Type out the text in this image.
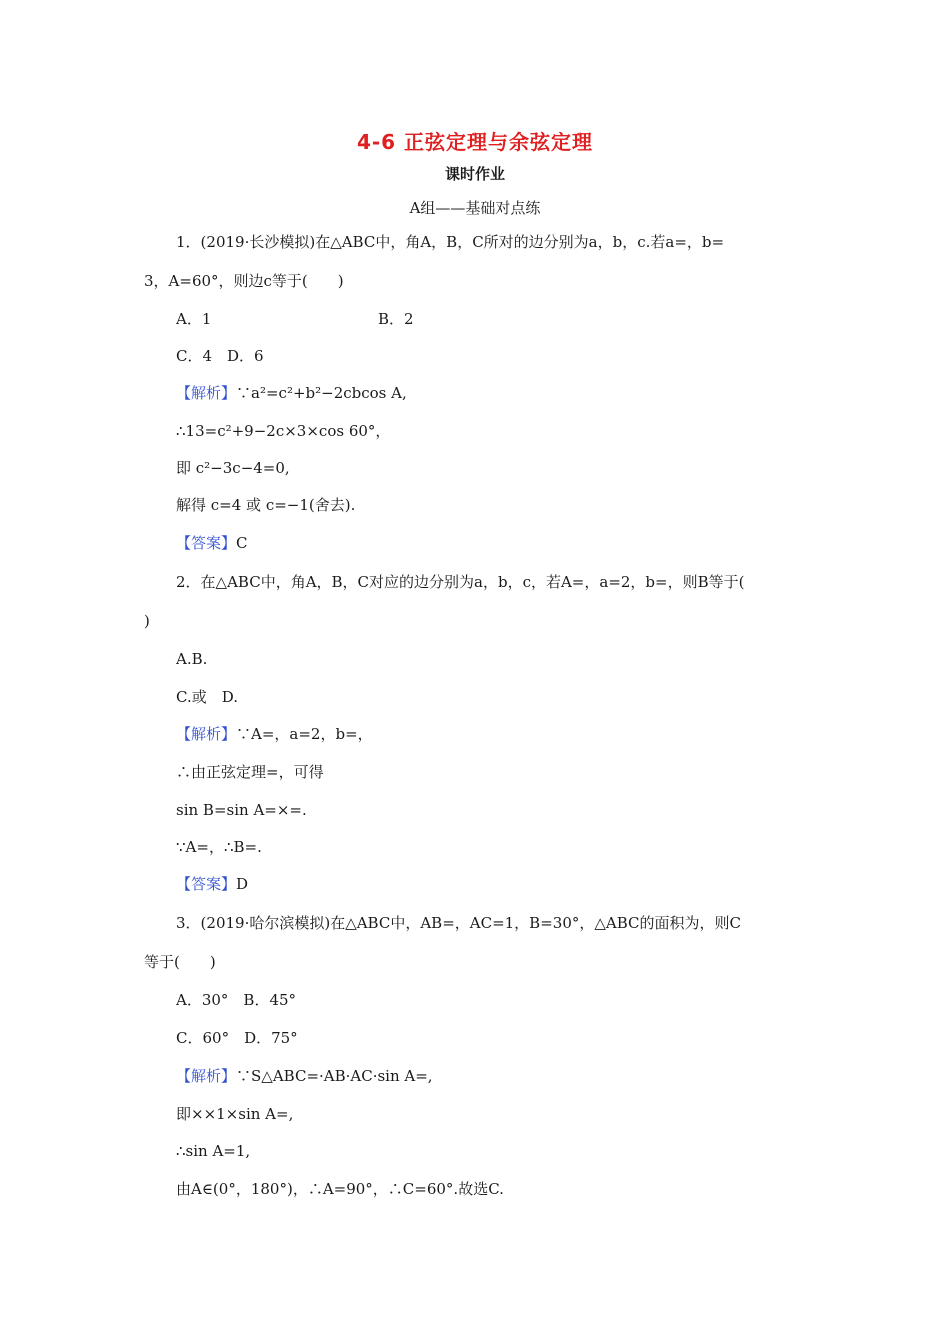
4-6 正弦定理与余弦定理
课时作业
A组——基础对点练
1．(2019·长沙模拟)在△ABC中，角A，B，C所对的边分别为a，b，c.若a=，b=
3，A=60°，则边c等于(　　)
A．1	B．2
C．4　D．6
【解析】∵a²=c²+b²−2cbcos A,
∴13=c²+9−2c×3×cos 60°，
即 c²−3c−4=0,
解得 c=4 或 c=−1(舍去).
【答案】C
2．在△ABC中，角A，B，C对应的边分别为a，b，c，若A=，a=2，b=，则B等于(
)
A.B.
C.或　D.
【解析】∵A=，a=2，b=，
∴由正弦定理=，可得
sin B=sin A=×=.
∵A=，∴B=.
【答案】D
3．(2019·哈尔滨模拟)在△ABC中，AB=，AC=1，B=30°，△ABC的面积为，则C
等于(　　)
A．30°　B．45°
C．60°　D．75°
【解析】∵S△ABC=·AB·AC·sin A=,
即××1×sin A=,
∴sin A=1,
由A∈(0°，180°)，∴A=90°，∴C=60°.故选C.
